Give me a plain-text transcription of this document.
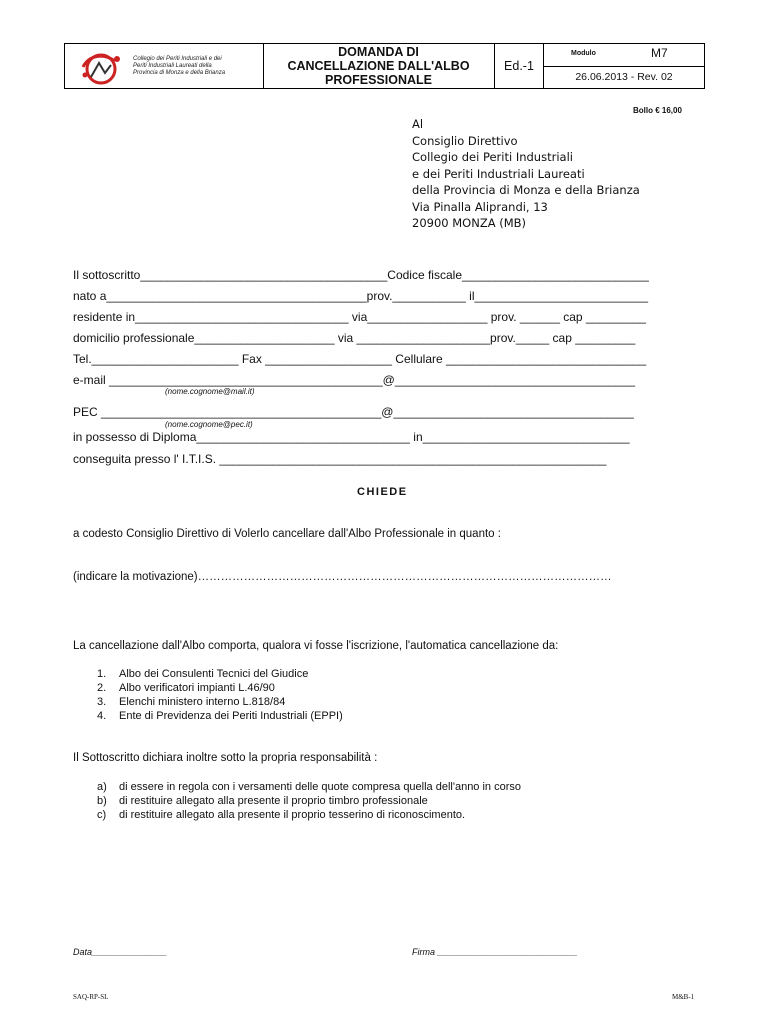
Collegio dei Periti Industriali e dei
Periti Industriali Laureati della
Provincia di Monza e della Brianza
DOMANDA DI
CANCELLAZIONE DALL'ALBO
PROFESSIONALE
Ed.-1
Modulo	M7
26.06.2013 - Rev. 02
Bollo € 16,00
Al
Consiglio Direttivo
Collegio dei Periti Industriali
e dei Periti Industriali Laureati
della Provincia di Monza e della Brianza
Via Pinalla Aliprandi, 13
20900 MONZA (MB)
Il sottoscritto_____________________________________Codice fiscale____________________________
nato a_______________________________________prov.___________ il__________________________
residente in________________________________ via__________________ prov. ______ cap _________
domicilio professionale_____________________ via ____________________prov._____ cap _________
Tel.______________________ Fax ___________________ Cellulare ______________________________
e-mail _________________________________________@____________________________________
(nome.cognome@mail.it)
PEC __________________________________________@____________________________________
(nome.cognome@pec.it)
in possesso di Diploma________________________________ in_______________________________
conseguita presso l' I.T.I.S. __________________________________________________________
CHIEDE
a codesto Consiglio Direttivo di Volerlo cancellare dall'Albo Professionale in quanto :
(indicare la motivazione)………………………………………………………………………………………………
La cancellazione dall'Albo comporta, qualora vi fosse l'iscrizione, l'automatica cancellazione da:
1. Albo dei Consulenti Tecnici del Giudice
2. Albo verificatori impianti L.46/90
3. Elenchi ministero interno L.818/84
4. Ente di Previdenza dei Periti Industriali (EPPI)
Il Sottoscritto dichiara inoltre sotto la propria responsabilità :
a) di essere in regola con i versamenti delle quote compresa quella dell'anno in corso
b) di restituire allegato alla presente il proprio timbro professionale
c) di restituire allegato alla presente il proprio tesserino di riconoscimento.
Data_______________	Firma ____________________________
SAQ-RP-SL	M&B-1
